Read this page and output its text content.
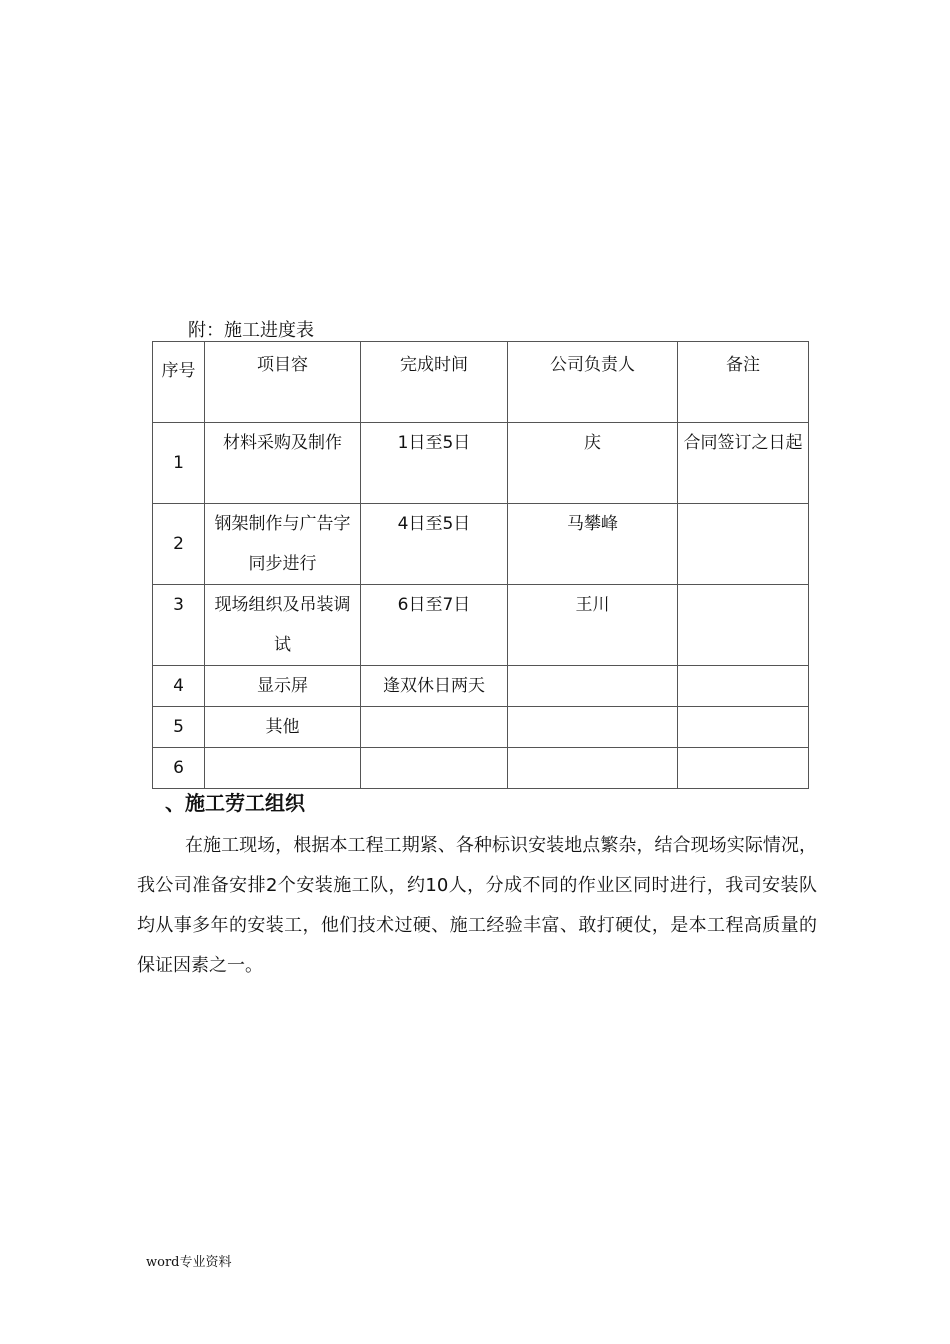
附：施工进度表
序号	项目容	完成时间	公司负责人	备注
1	材料采购及制作	1日至5日	庆	合同签订之日起
2	钢架制作与广告字同步进行	4日至5日	马攀峰	
3	现场组织及吊装调试	6日至7日	王川	
4	显示屏	逢双休日两天		
5	其他			
6				
、施工劳工组织
在施工现场，根据本工程工期紧、各种标识安装地点繁杂，结合现场实际情况，我公司准备安排2个安装施工队，约10人，分成不同的作业区同时进行，我司安装队均从事多年的安装工，他们技术过硬、施工经验丰富、敢打硬仗，是本工程高质量的保证因素之一。
word专业资料
